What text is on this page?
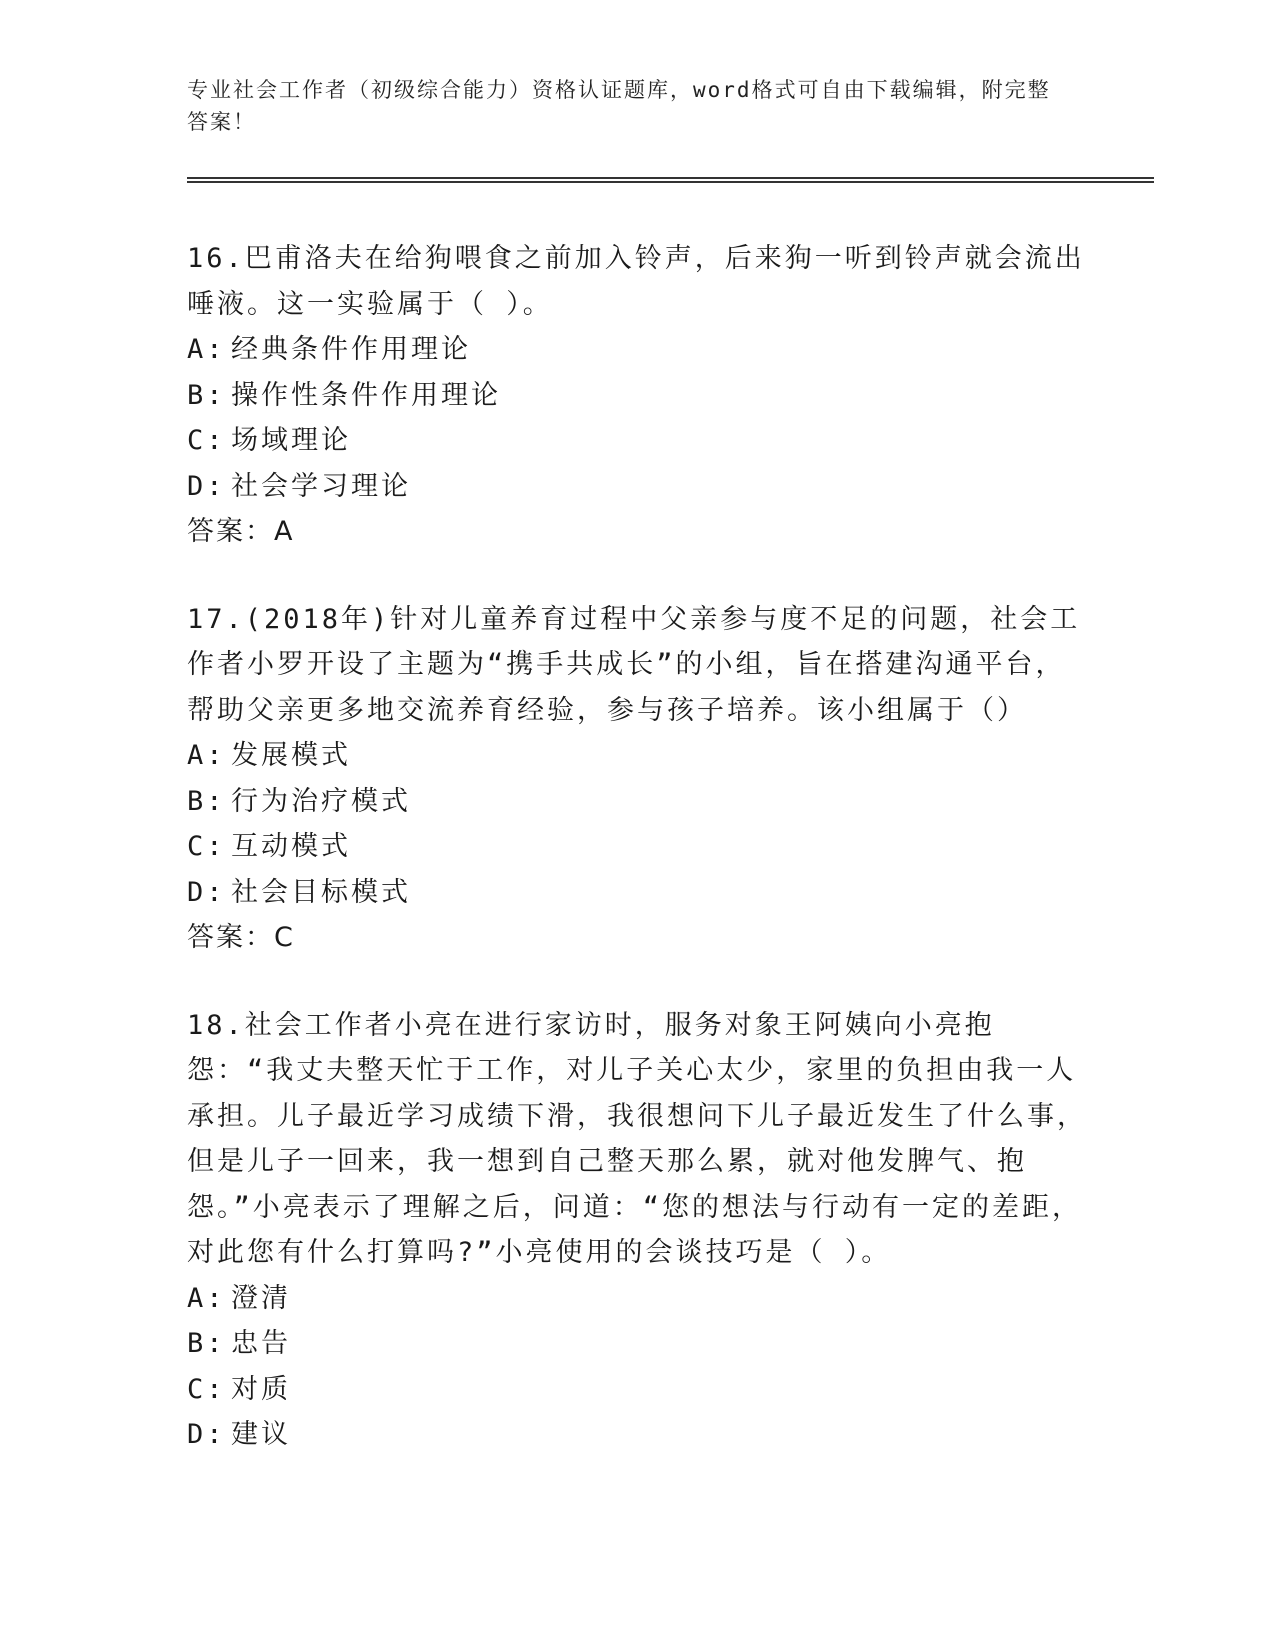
专业社会工作者（初级综合能力）资格认证题库，word格式可自由下载编辑，附完整答案！

16.巴甫洛夫在给狗喂食之前加入铃声，后来狗一听到铃声就会流出唾液。这一实验属于（ ）。

A: 经典条件作用理论
B: 操作性条件作用理论
C: 场域理论
D: 社会学习理论
答案：A

17.(2018年)针对儿童养育过程中父亲参与度不足的问题，社会工作者小罗开设了主题为“携手共成长”的小组，旨在搭建沟通平台，帮助父亲更多地交流养育经验，参与孩子培养。该小组属于（）

A: 发展模式
B: 行为治疗模式
C: 互动模式
D: 社会目标模式
答案：C

18.社会工作者小亮在进行家访时，服务对象王阿姨向小亮抱怨：“我丈夫整天忙于工作，对儿子关心太少，家里的负担由我一人承担。儿子最近学习成绩下滑，我很想问下儿子最近发生了什么事，但是儿子一回来，我一想到自己整天那么累，就对他发脾气、抱怨。”小亮表示了理解之后，问道：“您的想法与行动有一定的差距，对此您有什么打算吗?”小亮使用的会谈技巧是（ ）。

A: 澄清
B: 忠告
C: 对质
D: 建议
